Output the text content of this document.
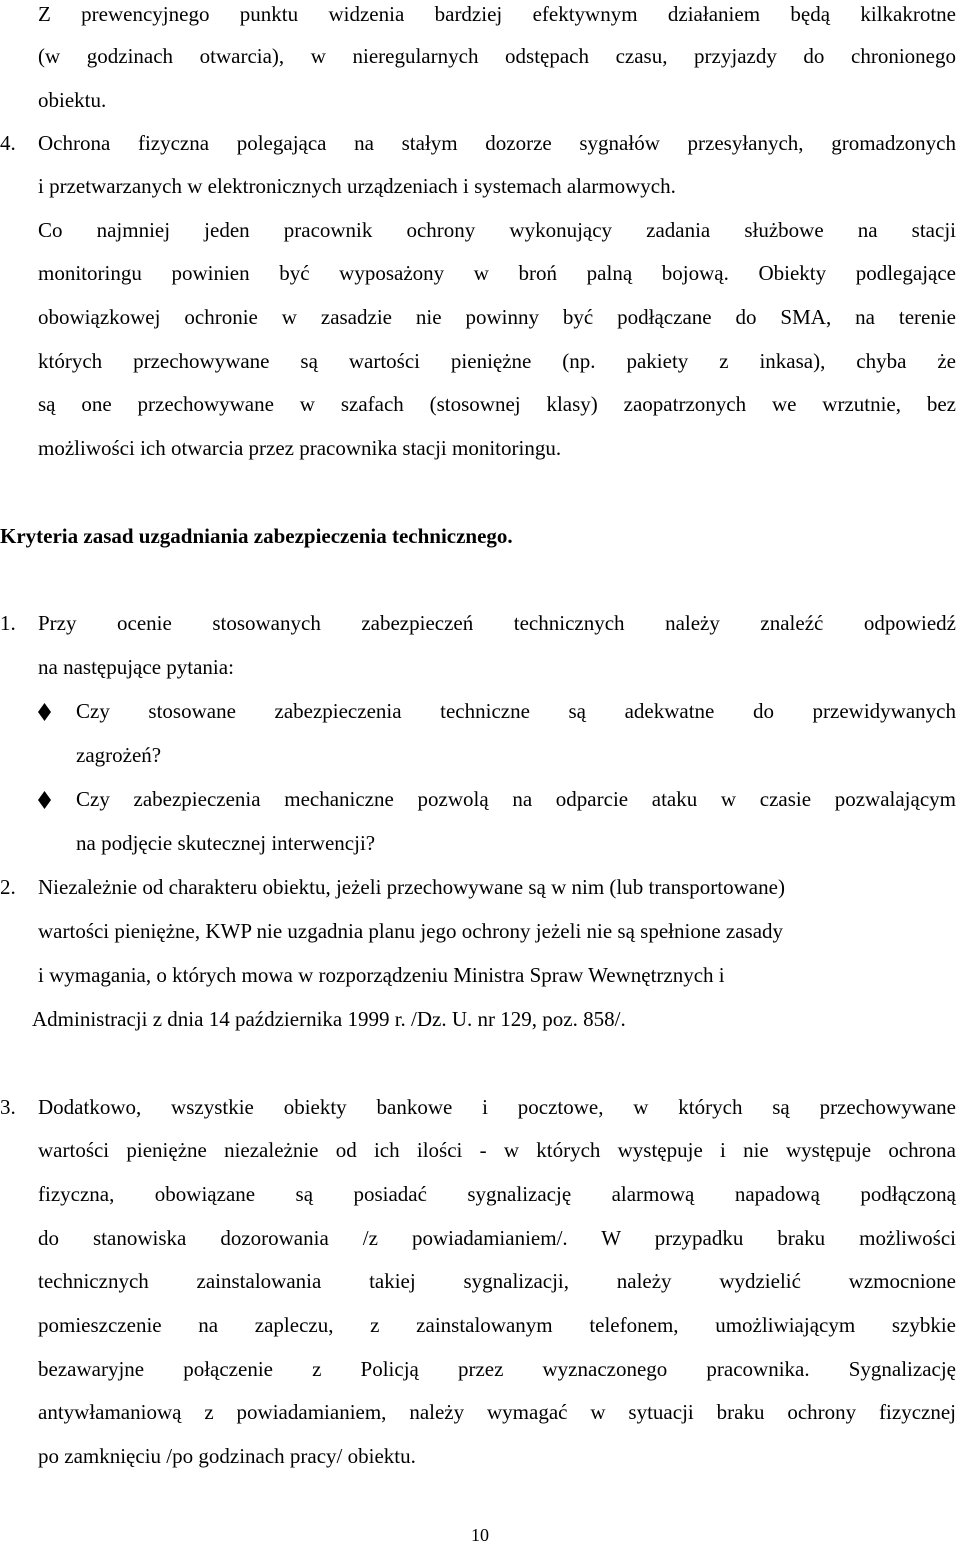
Z prewencyjnego punktu widzenia bardziej efektywnym działaniem będą kilkakrotne
(w godzinach otwarcia), w nieregularnych odstępach czasu, przyjazdy do chronionego
obiektu.
4. Ochrona fizyczna polegająca na stałym dozorze sygnałów przesyłanych, gromadzonych
i przetwarzanych w elektronicznych urządzeniach i systemach alarmowych.
Co najmniej jeden pracownik ochrony wykonujący zadania służbowe na stacji
monitoringu powinien być wyposażony w broń palną bojową. Obiekty podlegające
obowiązkowej ochronie w zasadzie nie powinny być podłączane do SMA, na terenie
których przechowywane są wartości pieniężne (np. pakiety z inkasa), chyba że
są one przechowywane w szafach (stosownej klasy) zaopatrzonych we wrzutnie, bez
możliwości ich otwarcia przez pracownika stacji monitoringu.
Kryteria zasad uzgadniania zabezpieczenia technicznego.
1. Przy ocenie stosowanych zabezpieczeń technicznych należy znaleźć odpowiedź
na następujące pytania:
Czy stosowane zabezpieczenia techniczne są adekwatne do przewidywanych
zagrożeń?
Czy zabezpieczenia mechaniczne pozwolą na odparcie ataku w czasie pozwalającym
na podjęcie skutecznej interwencji?
2. Niezależnie od charakteru obiektu, jeżeli przechowywane są w nim (lub transportowane)
wartości pieniężne, KWP nie uzgadnia planu jego ochrony jeżeli nie są spełnione zasady
i wymagania, o których mowa w rozporządzeniu Ministra Spraw Wewnętrznych i
Administracji z dnia 14 października 1999 r. /Dz. U. nr 129, poz. 858/.
3. Dodatkowo, wszystkie obiekty bankowe i pocztowe, w których są przechowywane
wartości pieniężne niezależnie od ich ilości - w których występuje i nie występuje ochrona
fizyczna, obowiązane są posiadać sygnalizację alarmową napadową podłączoną
do stanowiska dozorowania /z powiadamianiem/. W przypadku braku możliwości
technicznych zainstalowania takiej sygnalizacji, należy wydzielić wzmocnione
pomieszczenie na zapleczu, z zainstalowanym telefonem, umożliwiającym szybkie
bezawaryjne połączenie z Policją przez wyznaczonego pracownika. Sygnalizację
antywłamaniową z powiadamianiem, należy wymagać w sytuacji braku ochrony fizycznej
po zamknięciu /po godzinach pracy/ obiektu.
10
